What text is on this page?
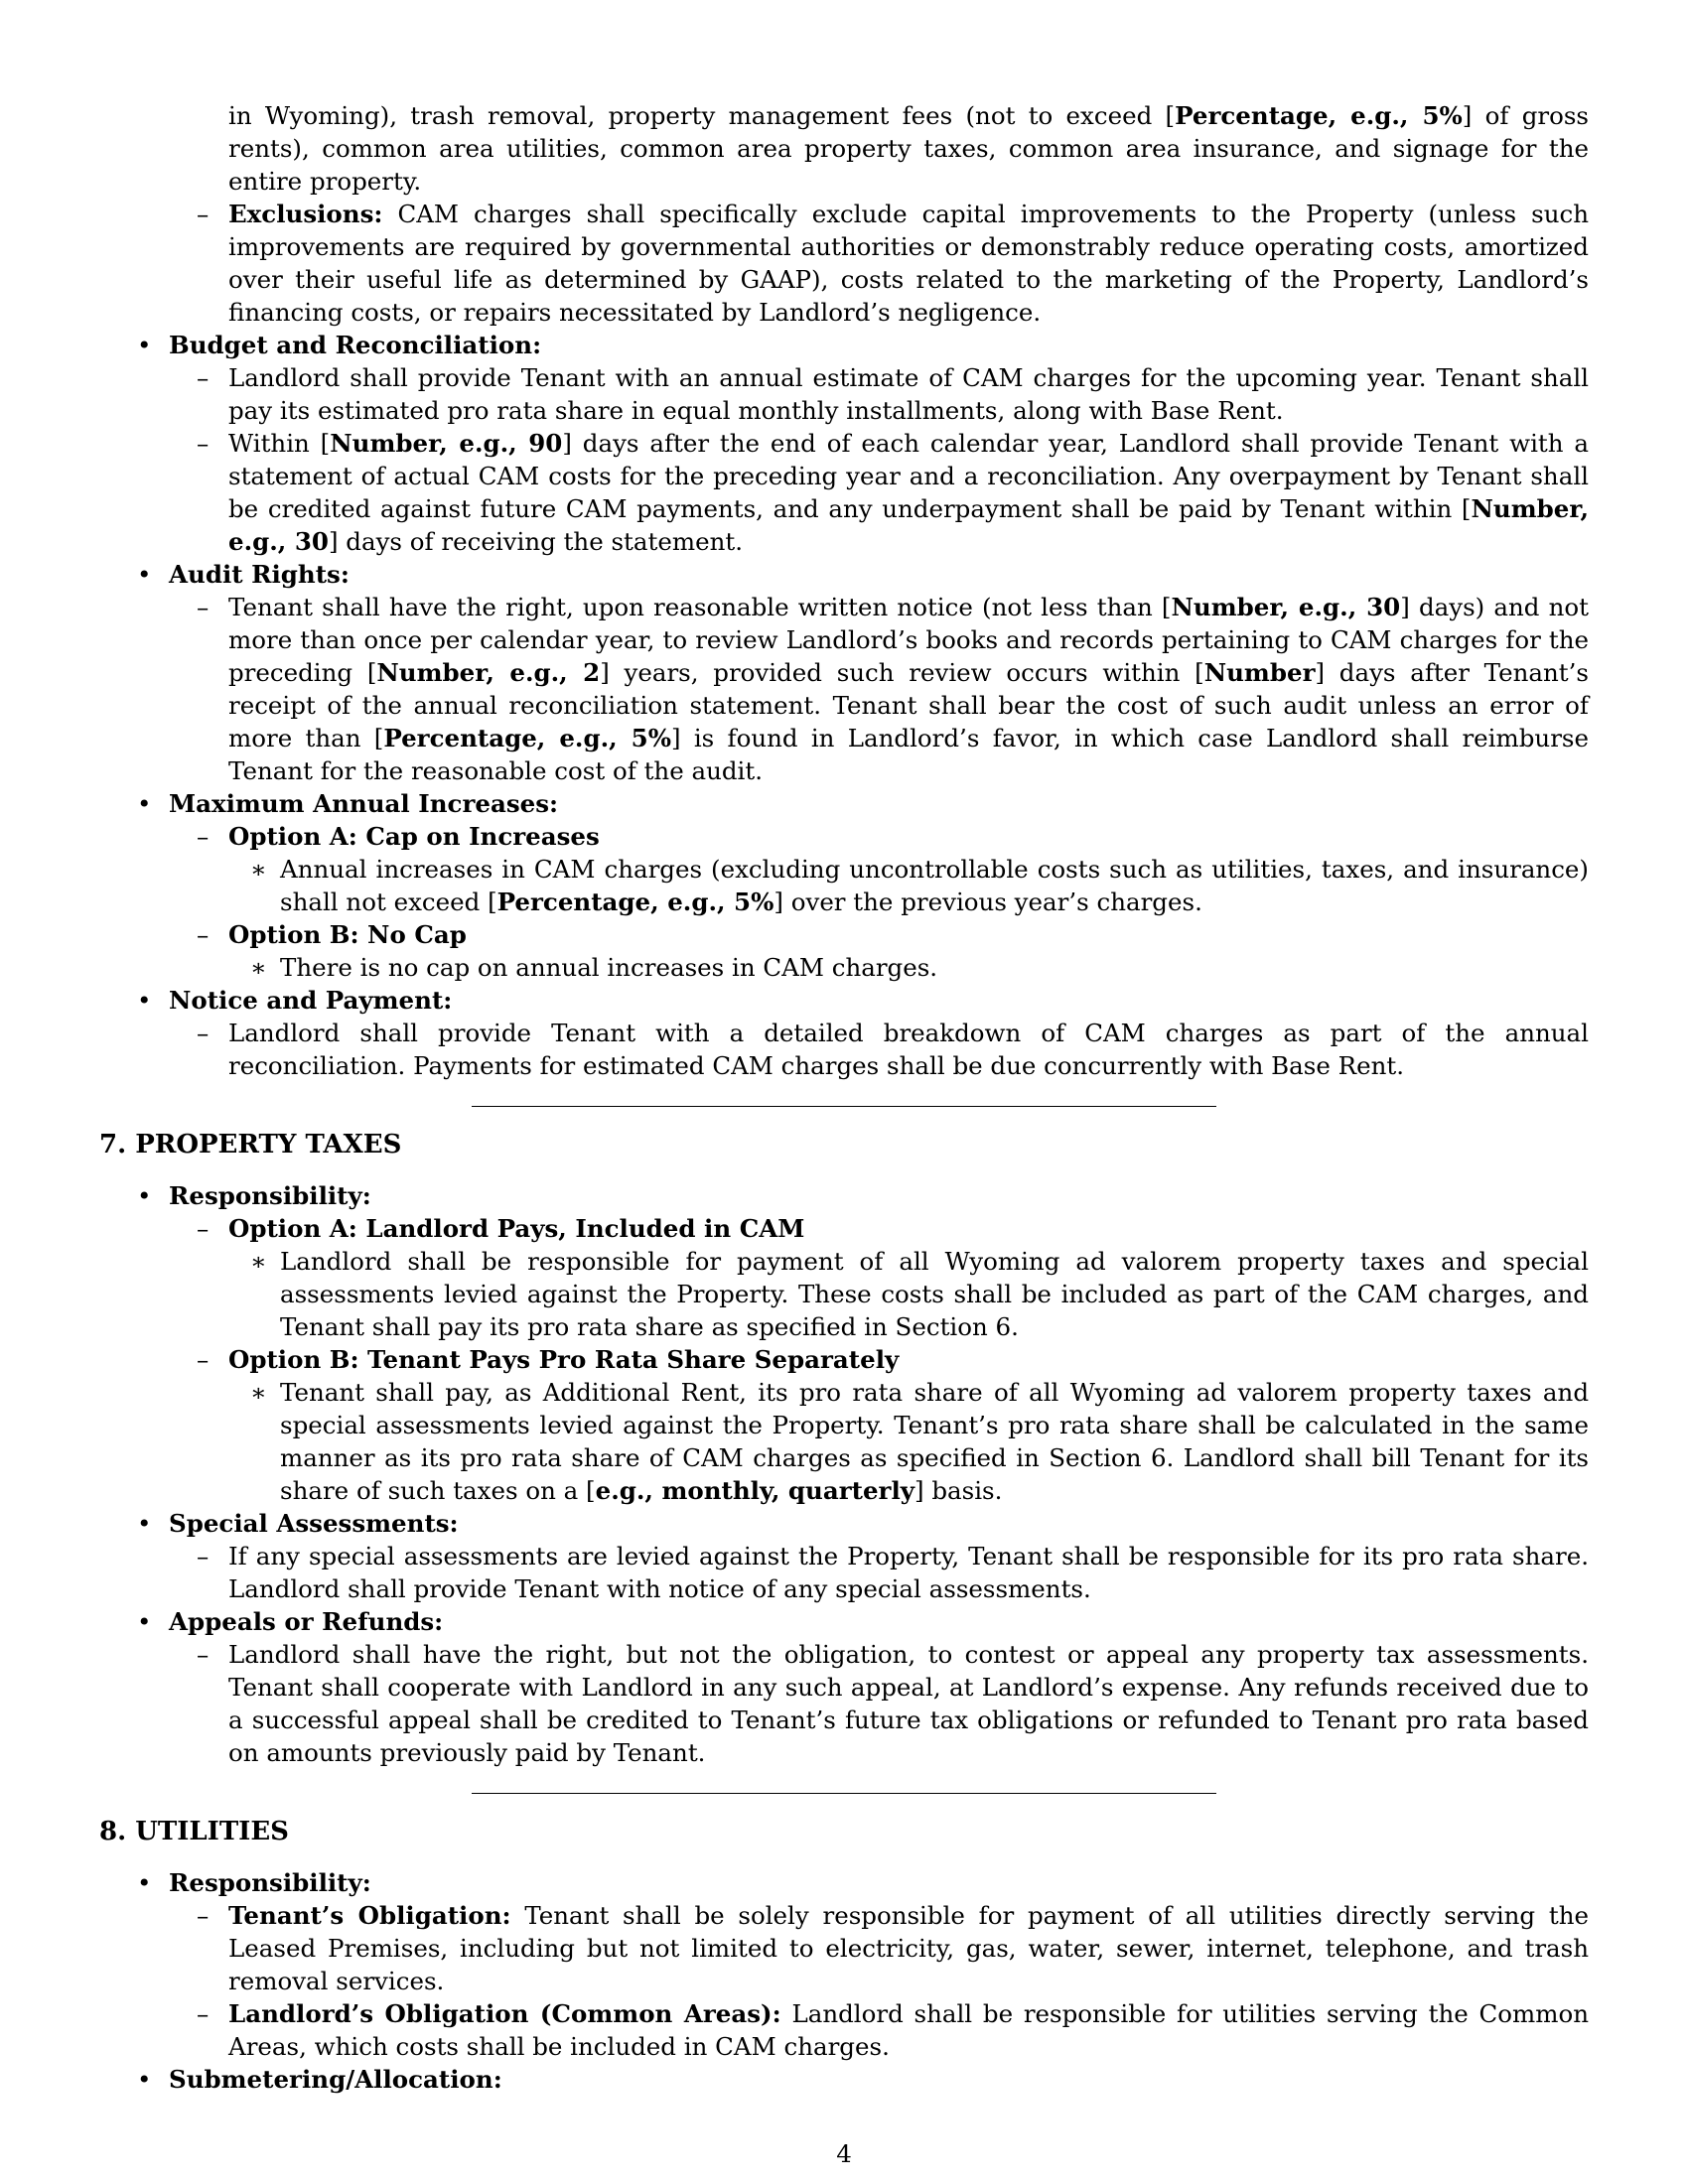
in Wyoming), trash removal, property management fees (not to exceed [Percentage, e.g., 5%] of gross rents), common area utilities, common area property taxes, common area insurance, and signage for the entire property.

– Exclusions: CAM charges shall specifically exclude capital improvements to the Property (unless such improvements are required by governmental authorities or demonstrably reduce operating costs, amortized over their useful life as determined by GAAP), costs related to the marketing of the Property, Landlord’s financing costs, or repairs necessitated by Landlord’s negligence.

• Budget and Reconciliation:

– Landlord shall provide Tenant with an annual estimate of CAM charges for the upcoming year. Tenant shall pay its estimated pro rata share in equal monthly installments, along with Base Rent.

– Within [Number, e.g., 90] days after the end of each calendar year, Landlord shall provide Tenant with a statement of actual CAM costs for the preceding year and a reconciliation. Any overpayment by Tenant shall be credited against future CAM payments, and any underpayment shall be paid by Tenant within [Number, e.g., 30] days of receiving the statement.

• Audit Rights:

– Tenant shall have the right, upon reasonable written notice (not less than [Number, e.g., 30] days) and not more than once per calendar year, to review Landlord’s books and records pertaining to CAM charges for the preceding [Number, e.g., 2] years, provided such review occurs within [Number] days after Tenant’s receipt of the annual reconciliation statement. Tenant shall bear the cost of such audit unless an error of more than [Percentage, e.g., 5%] is found in Landlord’s favor, in which case Landlord shall reimburse Tenant for the reasonable cost of the audit.

• Maximum Annual Increases:

– Option A: Cap on Increases

∗ Annual increases in CAM charges (excluding uncontrollable costs such as utilities, taxes, and insurance) shall not exceed [Percentage, e.g., 5%] over the previous year’s charges.

– Option B: No Cap

∗ There is no cap on annual increases in CAM charges.

• Notice and Payment:

– Landlord shall provide Tenant with a detailed breakdown of CAM charges as part of the annual reconciliation. Payments for estimated CAM charges shall be due concurrently with Base Rent.

7. PROPERTY TAXES
• Responsibility:

– Option A: Landlord Pays, Included in CAM

∗ Landlord shall be responsible for payment of all Wyoming ad valorem property taxes and special assessments levied against the Property. These costs shall be included as part of the CAM charges, and Tenant shall pay its pro rata share as specified in Section 6.

– Option B: Tenant Pays Pro Rata Share Separately

∗ Tenant shall pay, as Additional Rent, its pro rata share of all Wyoming ad valorem property taxes and special assessments levied against the Property. Tenant’s pro rata share shall be calculated in the same manner as its pro rata share of CAM charges as specified in Section 6. Landlord shall bill Tenant for its share of such taxes on a [e.g., monthly, quarterly] basis.

• Special Assessments:

– If any special assessments are levied against the Property, Tenant shall be responsible for its pro rata share. Landlord shall provide Tenant with notice of any special assessments.

• Appeals or Refunds:

– Landlord shall have the right, but not the obligation, to contest or appeal any property tax assessments. Tenant shall cooperate with Landlord in any such appeal, at Landlord’s expense. Any refunds received due to a successful appeal shall be credited to Tenant’s future tax obligations or refunded to Tenant pro rata based on amounts previously paid by Tenant.

8. UTILITIES
• Responsibility:

– Tenant’s Obligation: Tenant shall be solely responsible for payment of all utilities directly serving the Leased Premises, including but not limited to electricity, gas, water, sewer, internet, telephone, and trash removal services.

– Landlord’s Obligation (Common Areas): Landlord shall be responsible for utilities serving the Common Areas, which costs shall be included in CAM charges.

• Submetering/Allocation:

4
